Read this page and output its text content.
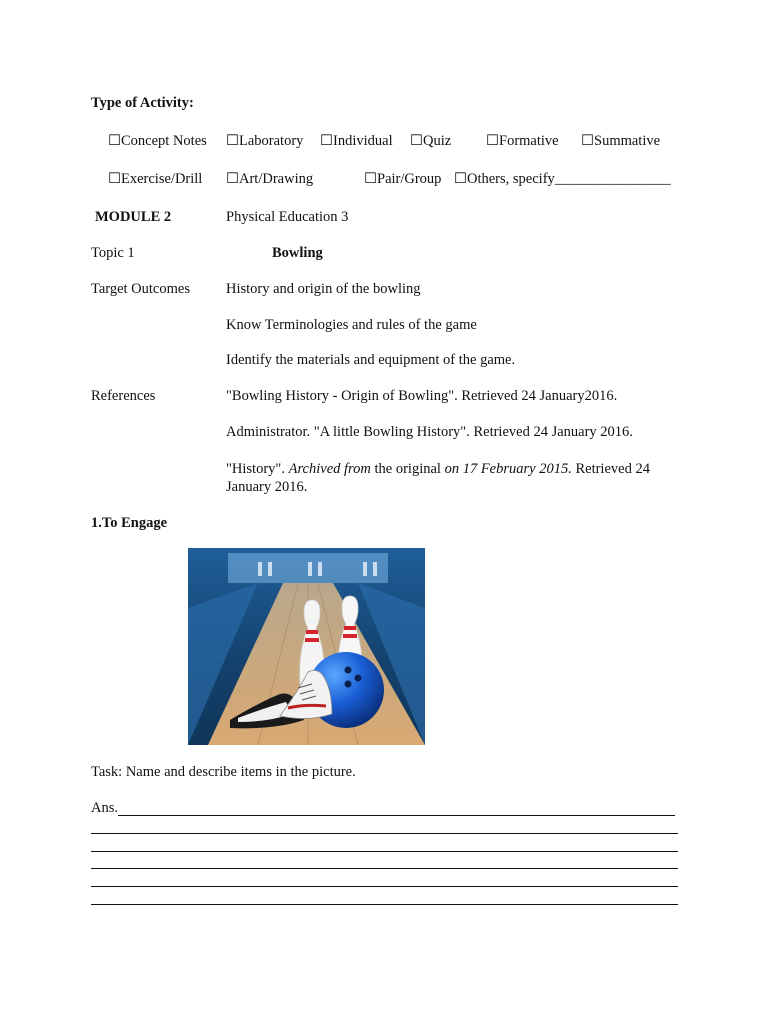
Type of Activity:
☐Concept Notes ☐Laboratory ☐Individual ☐Quiz ☐Formative ☐Summative
☐Exercise/Drill ☐Art/Drawing	☐Pair/Group ☐Others, specify________________
MODULE 2	Physical Education 3
Topic 1	Bowling
Target Outcomes History and origin of the bowling
Know Terminologies and rules of the game
Identify the materials and equipment of the game.
References	"Bowling History - Origin of Bowling". Retrieved 24 January2016.
Administrator. "A little Bowling History". Retrieved 24 January 2016.
"History". Archived from the original on 17 February 2015. Retrieved 24 January 2016.
1.To Engage
Task: Name and describe items in the picture.
Ans.
